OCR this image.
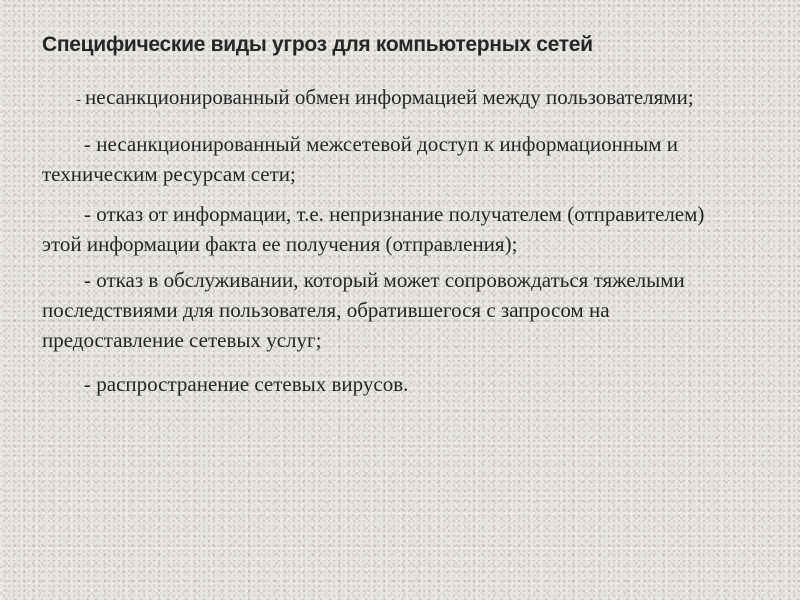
Специфические виды угроз для компьютерных сетей
- несанкционированный обмен информацией между пользователями;
- несанкционированный межсетевой доступ к информационным и техническим ресурсам сети;
- отказ от информации, т.е. непризнание получателем (отправителем) этой информации факта ее получения (отправления);
- отказ в обслуживании, который может сопровождаться тяжелыми последствиями для пользователя, обратившегося с запросом на предоставление сетевых услуг;
- распространение сетевых вирусов.
